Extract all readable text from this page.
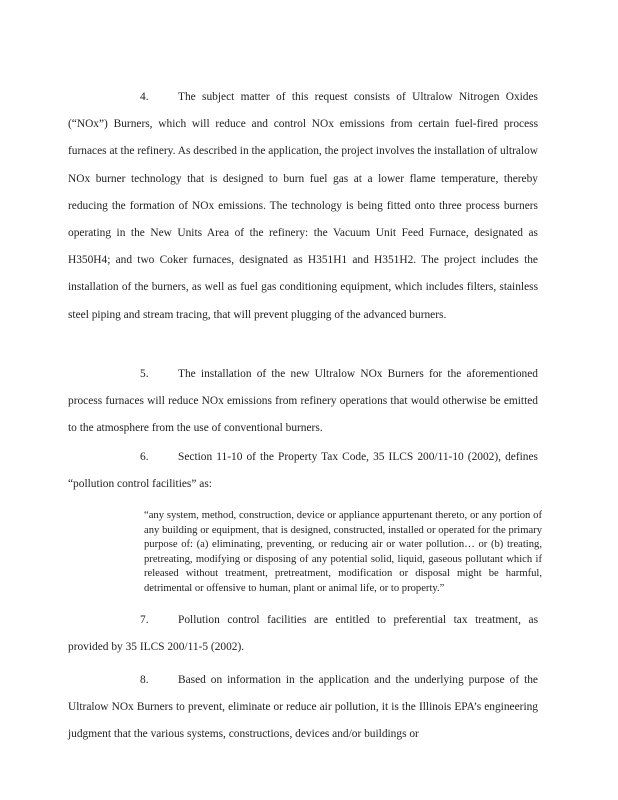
4.	The subject matter of this request consists of Ultralow Nitrogen Oxides (“NOx”) Burners, which will reduce and control NOx emissions from certain fuel-fired process furnaces at the refinery. As described in the application, the project involves the installation of ultralow NOx burner technology that is designed to burn fuel gas at a lower flame temperature, thereby reducing the formation of NOx emissions. The technology is being fitted onto three process burners operating in the New Units Area of the refinery: the Vacuum Unit Feed Furnace, designated as H350H4; and two Coker furnaces, designated as H351H1 and H351H2. The project includes the installation of the burners, as well as fuel gas conditioning equipment, which includes filters, stainless steel piping and stream tracing, that will prevent plugging of the advanced burners.

5.	The installation of the new Ultralow NOx Burners for the aforementioned process furnaces will reduce NOx emissions from refinery operations that would otherwise be emitted to the atmosphere from the use of conventional burners.

6.	Section 11-10 of the Property Tax Code, 35 ILCS 200/11-10 (2002), defines “pollution control facilities” as:

“any system, method, construction, device or appliance appurtenant thereto, or any portion of any building or equipment, that is designed, constructed, installed or operated for the primary purpose of: (a) eliminating, preventing, or reducing air or water pollution… or (b) treating, pretreating, modifying or disposing of any potential solid, liquid, gaseous pollutant which if released without treatment, pretreatment, modification or disposal might be harmful, detrimental or offensive to human, plant or animal life, or to property.”

7.	Pollution control facilities are entitled to preferential tax treatment, as provided by 35 ILCS 200/11-5 (2002).

8.	Based on information in the application and the underlying purpose of the Ultralow NOx Burners to prevent, eliminate or reduce air pollution, it is the Illinois EPA’s engineering judgment that the various systems, constructions, devices and/or buildings or
